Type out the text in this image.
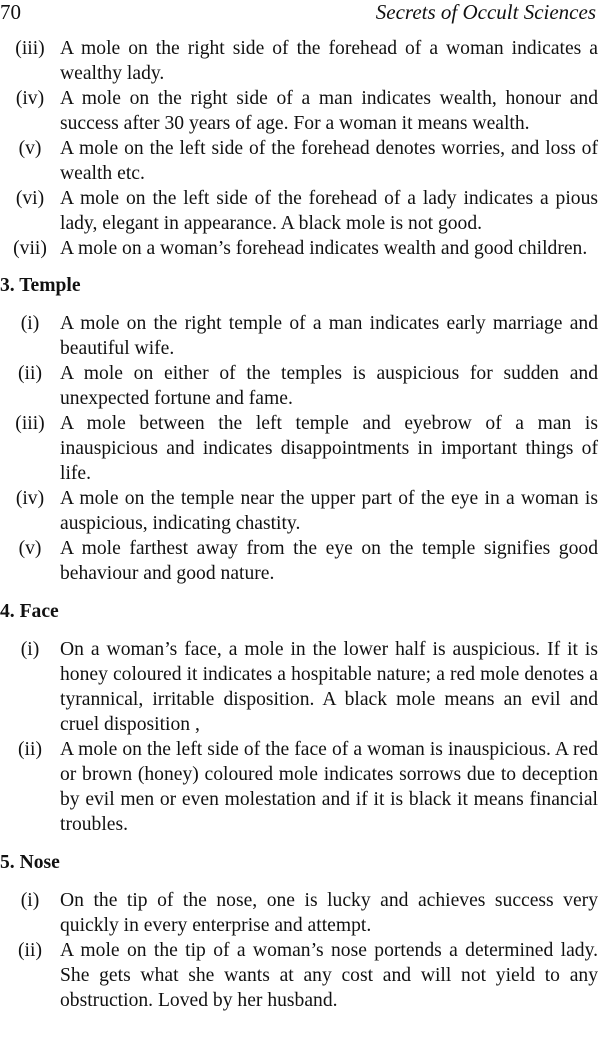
70	Secrets of Occult Sciences
(iii) A mole on the right side of the forehead of a woman indicates a wealthy lady.
(iv) A mole on the right side of a man indicates wealth, honour and success after 30 years of age. For a woman it means wealth.
(v) A mole on the left side of the forehead denotes worries, and loss of wealth etc.
(vi) A mole on the left side of the forehead of a lady indicates a pious lady, elegant in appearance. A black mole is not good.
(vii) A mole on a woman’s forehead indicates wealth and good children.
3. Temple
(i)	A mole on the right temple of a man indicates early marriage and beautiful wife.
(ii) A mole on either of the temples is auspicious for sudden and unexpected fortune and fame.
(iii) A mole between the left temple and eyebrow of a man is inauspicious and indicates disappointments in important things of life.
(iv) A mole on the temple near the upper part of the eye in a woman is auspicious, indicating chastity.
(v) A mole farthest away from the eye on the temple signifies good behaviour and good nature.
4. Face
(i)	On a woman’s face, a mole in the lower half is auspicious. If it is honey coloured it indicates a hospitable nature; a red mole denotes a tyrannical, irritable disposition. A black mole means an evil and cruel disposition ,
(ii) A mole on the left side of the face of a woman is inauspicious. A red or brown (honey) coloured mole indicates sorrows due to deception by evil men or even molestation and if it is black it means financial troubles.
5. Nose
(i)	On the tip of the nose, one is lucky and achieves success very quickly in every enterprise and attempt.
(ii) A mole on the tip of a woman’s nose portends a determined lady. She gets what she wants at any cost and will not yield to any obstruction. Loved by her husband.
